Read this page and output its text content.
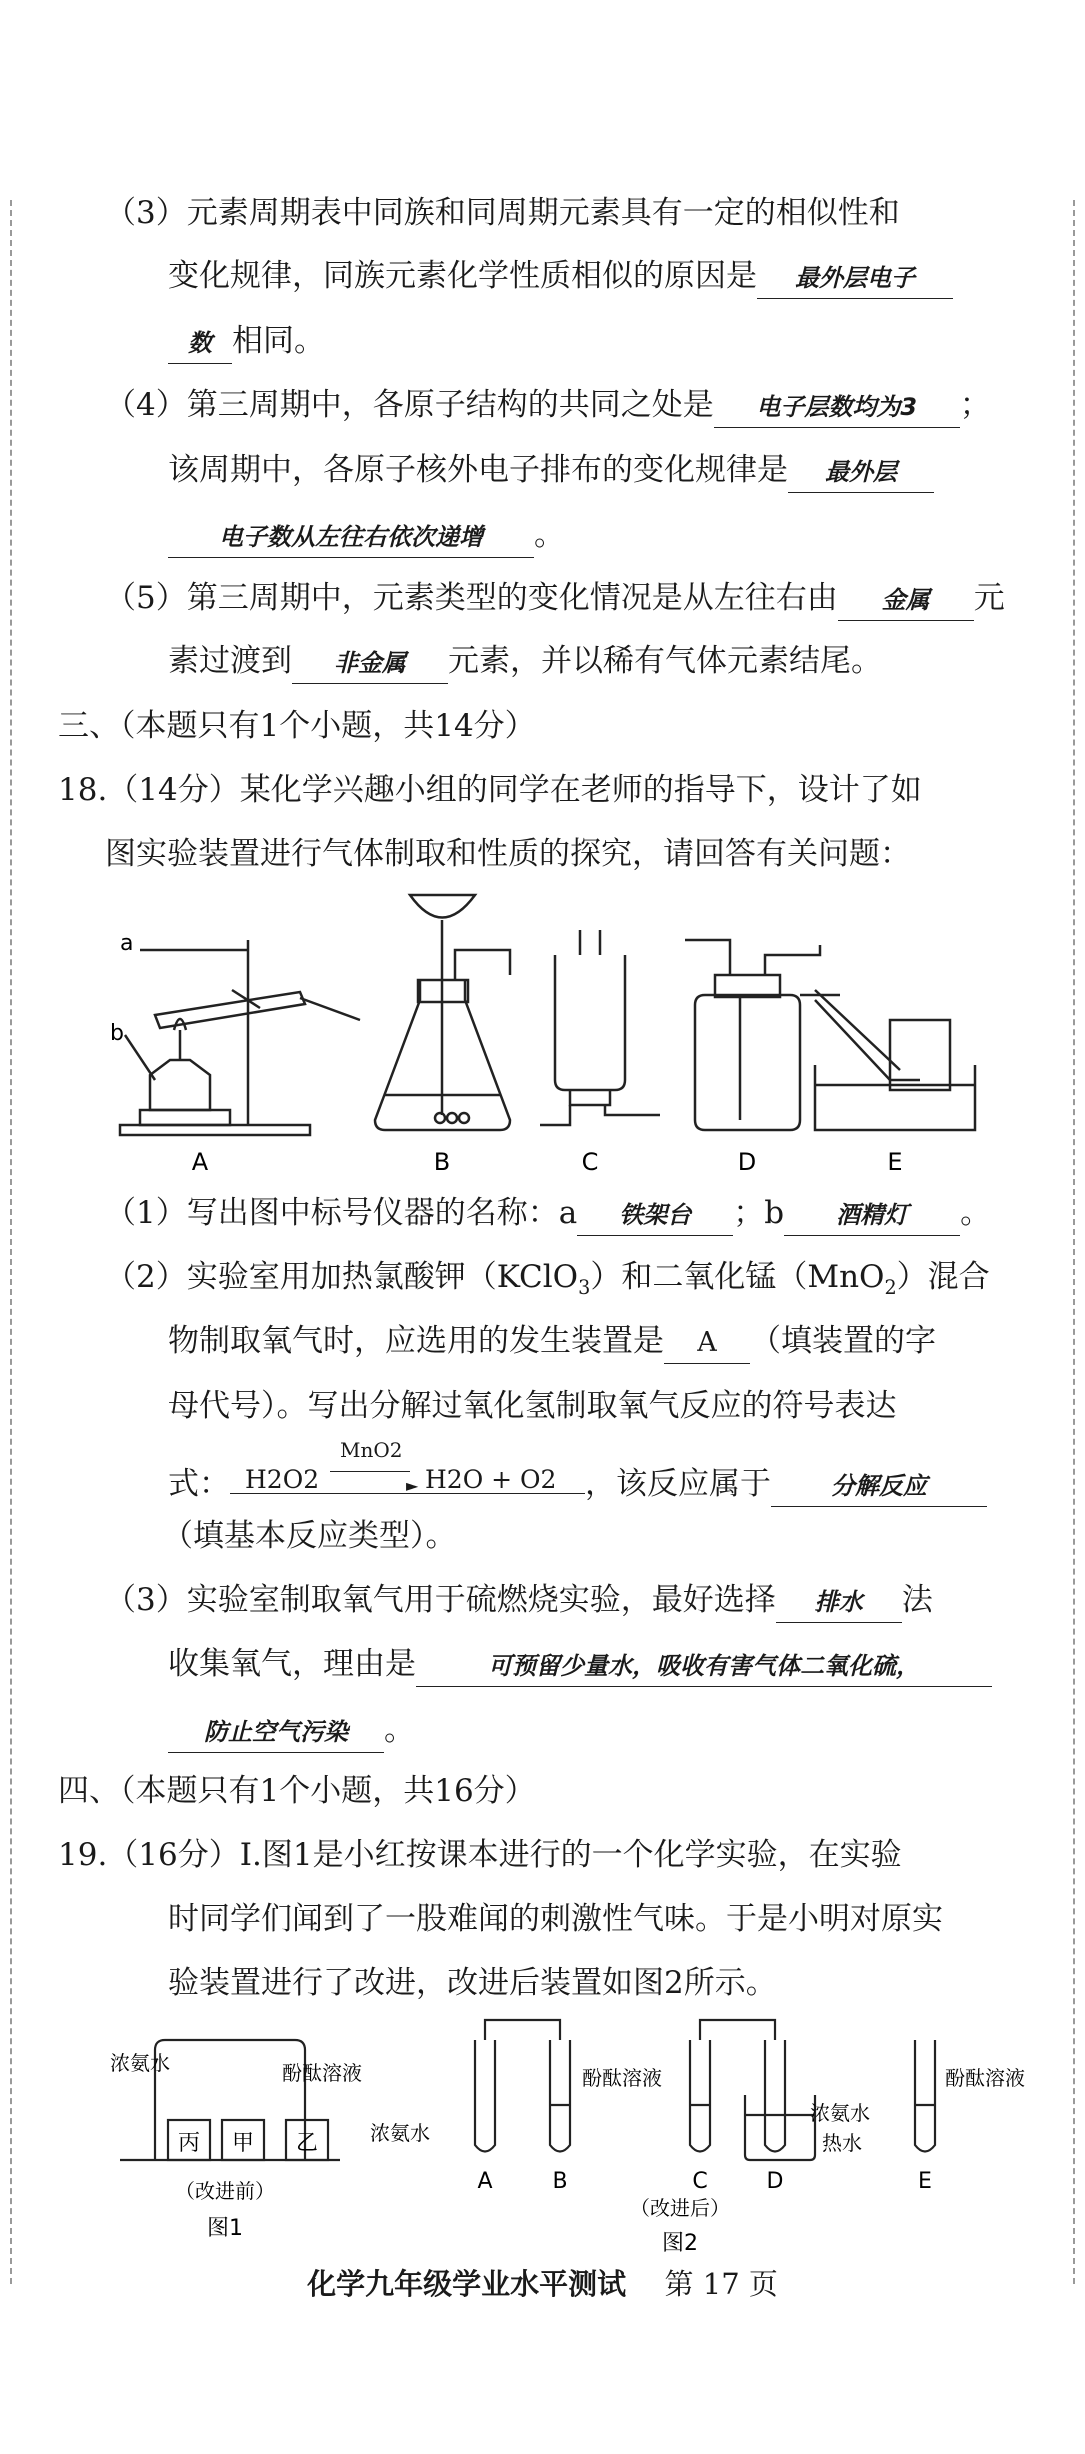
（3）元素周期表中同族和同周期元素具有一定的相似性和
变化规律，同族元素化学性质相似的原因是 最外层电子
数 相同。
（4）第三周期中，各原子结构的共同之处是 电子层数均为3 ；
该周期中，各原子核外电子排布的变化规律是 最外层
电子数从左往右依次递增 。
（5）第三周期中，元素类型的变化情况是从左往右由 金属 元
素过渡到 非金属 元素，并以稀有气体元素结尾。
三、（本题只有1个小题，共14分）
18.（14分）某化学兴趣小组的同学在老师的指导下，设计了如
图实验装置进行气体制取和性质的探究，请回答有关问题：
a
b
A	B	C	D	E
（1）写出图中标号仪器的名称：a 铁架台 ；b 酒精灯 。
（2）实验室用加热氯酸钾（KClO$_3$）和二氧化锰（MnO$_2$）混合
物制取氧气时，应选用的发生装置是 A （填装置的字
母代号）。写出分解过氧化氢制取氧气反应的符号表达
式： H2O2
MnO2
► H2O + O2 ，该反应属于	分解反应
（填基本反应类型）。
（3）实验室制取氧气用于硫燃烧实验，最好选择 排水 法
收集氧气，理由是	可预留少量水，吸收有害气体二氧化硫，
防止空气污染 。
四、（本题只有1个小题，共16分）
19.（16分）Ⅰ.图1是小红按课本进行的一个化学实验，在实验
时同学们闻到了一股难闻的刺激性气味。于是小明对原实
验装置进行了改进，改进后装置如图2所示。
浓氨水	酚酞溶液
丙 甲 乙
（改进前）
图1
浓氨水
酚酞溶液
浓氨水
热水
酚酞溶液
A	B	C	D	E
（改进后）
图2
化学九年级学业水平测试 第 17 页
